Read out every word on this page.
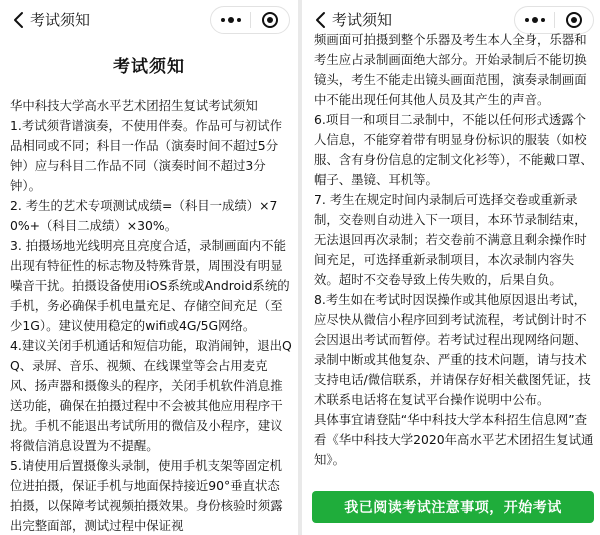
考试须知
考试须知

华中科技大学高水平艺术团招生复试考试须知

1.考试须背谱演奏，不使用伴奏。作品可与初试作品相同或不同；科目一作品（演奏时间不超过5分钟）应与科目二作品不同（演奏时间不超过3分钟）。

2. 考生的艺术专项测试成绩=（科目一成绩）×70%+（科目二成绩）×30%。

3. 拍摄场地光线明亮且亮度合适，录制画面内不能出现有特征性的标志物及特殊背景，周围没有明显噪音干扰。拍摄设备使用iOS系统或Android系统的手机，务必确保手机电量充足、存储空间充足（至少1G）。建议使用稳定的wifi或4G/5G网络。

4.建议关闭手机通话和短信功能，取消闹钟，退出QQ、录屏、音乐、视频、在线课堂等会占用麦克风、扬声器和摄像头的程序，关闭手机软件消息推送功能，确保在拍摄过程中不会被其他应用程序干扰。手机不能退出考试所用的微信及小程序，建议将微信消息设置为不提醒。

5.请使用后置摄像头录制，使用手机支架等固定机位进拍摄，保证手机与地面保持接近90°垂直状态拍摄，以保障考试视频拍摄效果。身份核验时须露出完整面部，测试过程中保证视

考试须知

频画面可拍摄到整个乐器及考生本人全身，乐器和考生应占录制画面绝大部分。开始录制后不能切换镜头，考生不能走出镜头画面范围，演奏录制画面中不能出现任何其他人员及其产生的声音。

6.项目一和项目二录制中，不能以任何形式透露个人信息，不能穿着带有明显身份标识的服装（如校服、含有身份信息的定制文化衫等），不能戴口罩、帽子、墨镜、耳机等。

7. 考生在规定时间内录制后可选择交卷或重新录制，交卷则自动进入下一项目，本环节录制结束，无法退回再次录制；若交卷前不满意且剩余操作时间充足，可选择重新录制项目，本次录制内容失效。超时不交卷导致上传失败的，后果自负。

8.考生如在考试时因误操作或其他原因退出考试，应尽快从微信小程序回到考试流程，考试倒计时不会因退出考试而暂停。若考试过程出现网络问题、录制中断或其他复杂、严重的技术问题，请与技术支持电话/微信联系，并请保存好相关截图凭证，技术联系电话将在复试平台操作说明中公布。

具体事宜请登陆“华中科技大学本科招生信息网”查看《华中科技大学2020年高水平艺术团招生复试通知》。

我已阅读考试注意事项，开始考试
